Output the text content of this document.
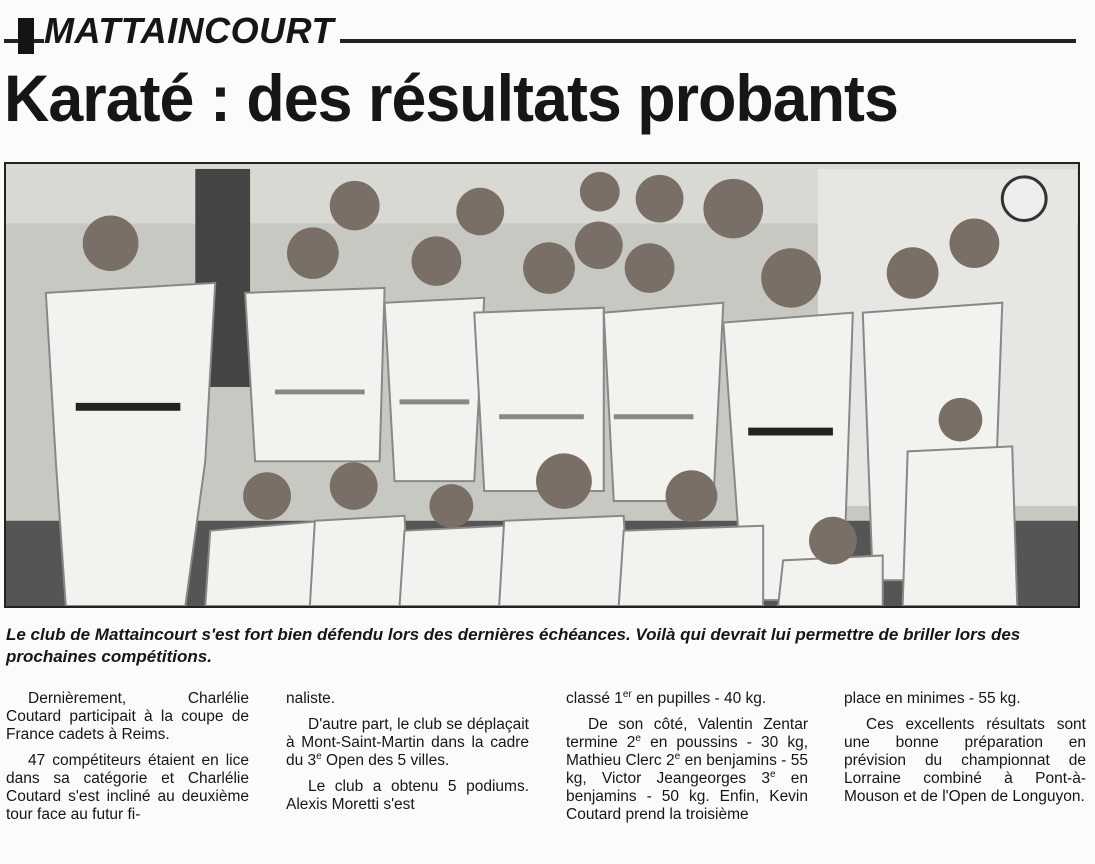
MATTAINCOURT
Karaté : des résultats probants
Le club de Mattaincourt s'est fort bien défendu lors des dernières échéances. Voilà qui devrait lui permettre de briller lors des prochaines compétitions.

Dernièrement, Charlélie Coutard participait à la coupe de France cadets à Reims.

47 compétiteurs étaient en lice dans sa catégorie et Charlélie Coutard s'est incliné au deuxième tour face au futur fi-

naliste.

D'autre part, le club se déplaçait à Mont-Saint-Martin dans la cadre du 3e Open des 5 villes.

Le club a obtenu 5 podiums. Alexis Moretti s'est

classé 1er en pupilles - 40 kg.

De son côté, Valentin Zentar termine 2e en poussins - 30 kg, Mathieu Clerc 2e en benjamins - 55 kg, Victor Jeangeorges 3e en benjamins - 50 kg. Enfin, Kevin Coutard prend la troisième

place en minimes - 55 kg.

Ces excellents résultats sont une bonne préparation en prévision du championnat de Lorraine combiné à Pont-à-Mouson et de l'Open de Longuyon.
